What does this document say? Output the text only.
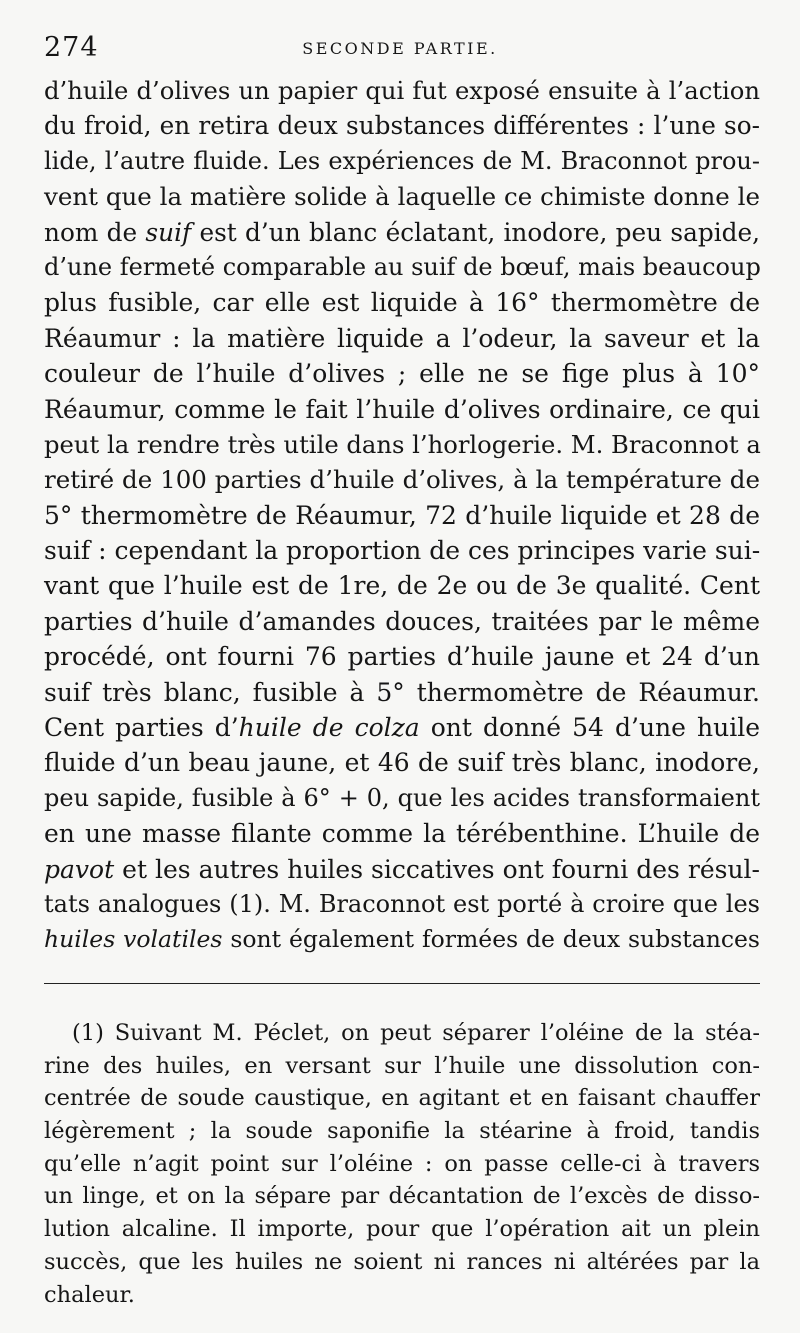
274	SECONDE PARTIE.
d’huile d’olives un papier qui fut exposé ensuite à l’action
du froid, en retira deux substances différentes : l’une so-
lide, l’autre fluide. Les expériences de M. Braconnot prou-
vent que la matière solide à laquelle ce chimiste donne le
nom de suif est d’un blanc éclatant, inodore, peu sapide,
d’une fermeté comparable au suif de bœuf, mais beaucoup
plus fusible, car elle est liquide à 16° thermomètre de
Réaumur : la matière liquide a l’odeur, la saveur et la
couleur de l’huile d’olives ; elle ne se fige plus à 10°
Réaumur, comme le fait l’huile d’olives ordinaire, ce qui
peut la rendre très utile dans l’horlogerie. M. Braconnot a
retiré de 100 parties d’huile d’olives, à la température de
5° thermomètre de Réaumur, 72 d’huile liquide et 28 de
suif : cependant la proportion de ces principes varie sui-
vant que l’huile est de 1re, de 2e ou de 3e qualité. Cent
parties d’huile d’amandes douces, traitées par le même
procédé, ont fourni 76 parties d’huile jaune et 24 d’un
suif très blanc, fusible à 5° thermomètre de Réaumur.
Cent parties d’huile de colza ont donné 54 d’une huile
fluide d’un beau jaune, et 46 de suif très blanc, inodore,
peu sapide, fusible à 6° + 0, que les acides transformaient
en une masse filante comme la térébenthine. L’huile de
pavot et les autres huiles siccatives ont fourni des résul-
tats analogues (1). M. Braconnot est porté à croire que les
huiles volatiles sont également formées de deux substances
(1) Suivant M. Péclet, on peut séparer l’oléine de la stéa-
rine des huiles, en versant sur l’huile une dissolution con-
centrée de soude caustique, en agitant et en faisant chauffer
légèrement ; la soude saponifie la stéarine à froid, tandis
qu’elle n’agit point sur l’oléine : on passe celle-ci à travers
un linge, et on la sépare par décantation de l’excès de disso-
lution alcaline. Il importe, pour que l’opération ait un plein
succès, que les huiles ne soient ni rances ni altérées par la
chaleur.
